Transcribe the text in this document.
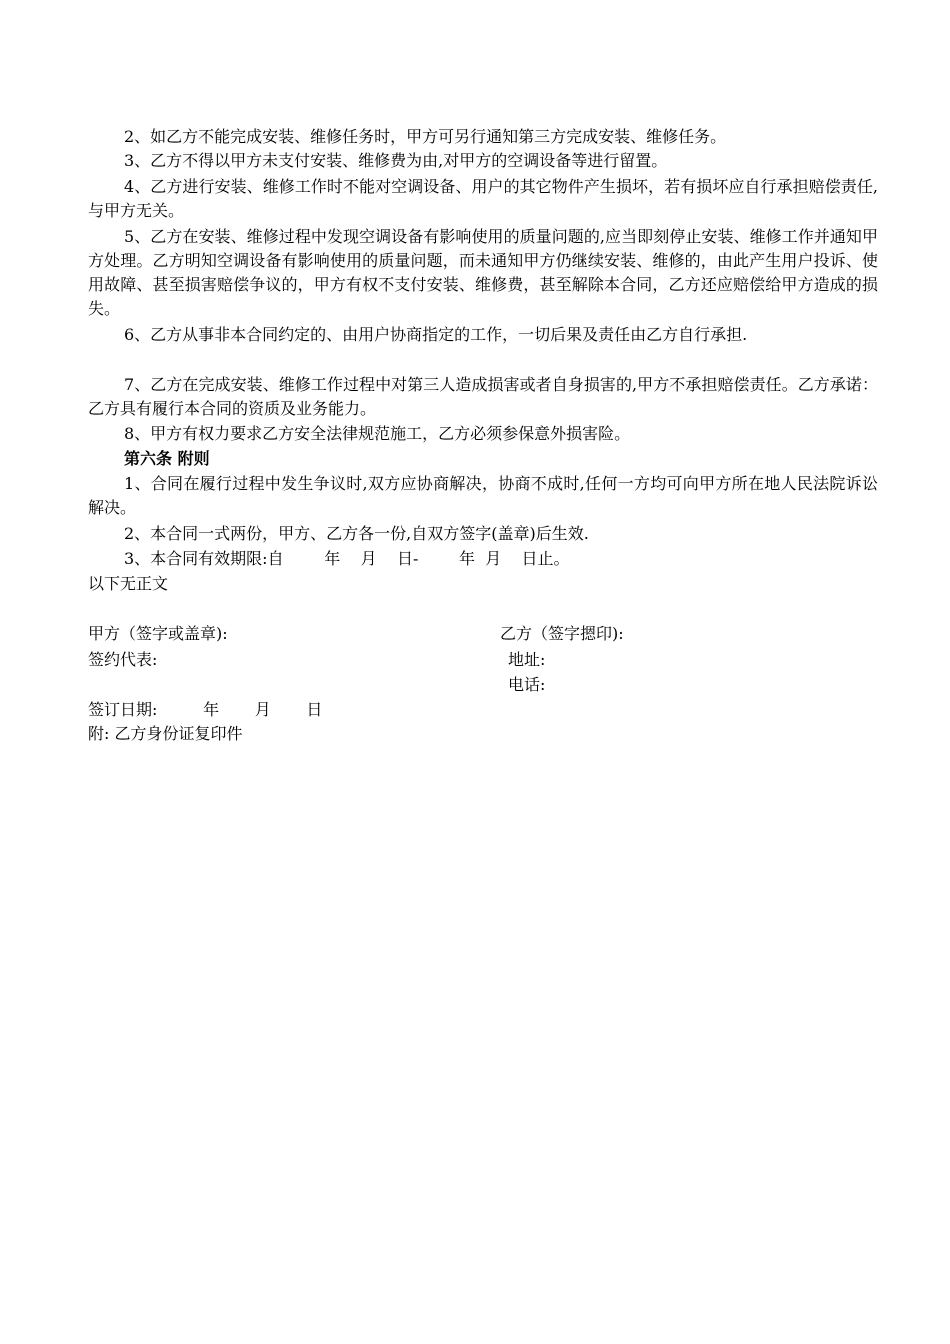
2、如乙方不能完成安装、维修任务时，甲方可另行通知第三方完成安装、维修任务。
3、乙方不得以甲方未支付安装、维修费为由,对甲方的空调设备等进行留置。
4、乙方进行安装、维修工作时不能对空调设备、用户的其它物件产生损坏，若有损坏应自行承担赔偿责任,与甲方无关。
5、乙方在安装、维修过程中发现空调设备有影响使用的质量问题的,应当即刻停止安装、维修工作并通知甲方处理。乙方明知空调设备有影响使用的质量问题，而未通知甲方仍继续安装、维修的，由此产生用户投诉、使用故障、甚至损害赔偿争议的，甲方有权不支付安装、维修费，甚至解除本合同，乙方还应赔偿给甲方造成的损失。
6、乙方从事非本合同约定的、由用户协商指定的工作，一切后果及责任由乙方自行承担.
7、乙方在完成安装、维修工作过程中对第三人造成损害或者自身损害的,甲方不承担赔偿责任。乙方承诺：乙方具有履行本合同的资质及业务能力。
8、甲方有权力要求乙方安全法律规范施工，乙方必须参保意外损害险。
第六条 附则
1、合同在履行过程中发生争议时,双方应协商解决，协商不成时,任何一方均可向甲方所在地人民法院诉讼解决。
2、本合同一式两份，甲方、乙方各一份,自双方签字(盖章)后生效.
3、本合同有效期限:自        年    月    日-        年  月    日止。
以下无正文
甲方（签字或盖章):	乙方（签字摁印):
签约代表:	地址:
电话:
签订日期:         年       月       日
附: 乙方身份证复印件
